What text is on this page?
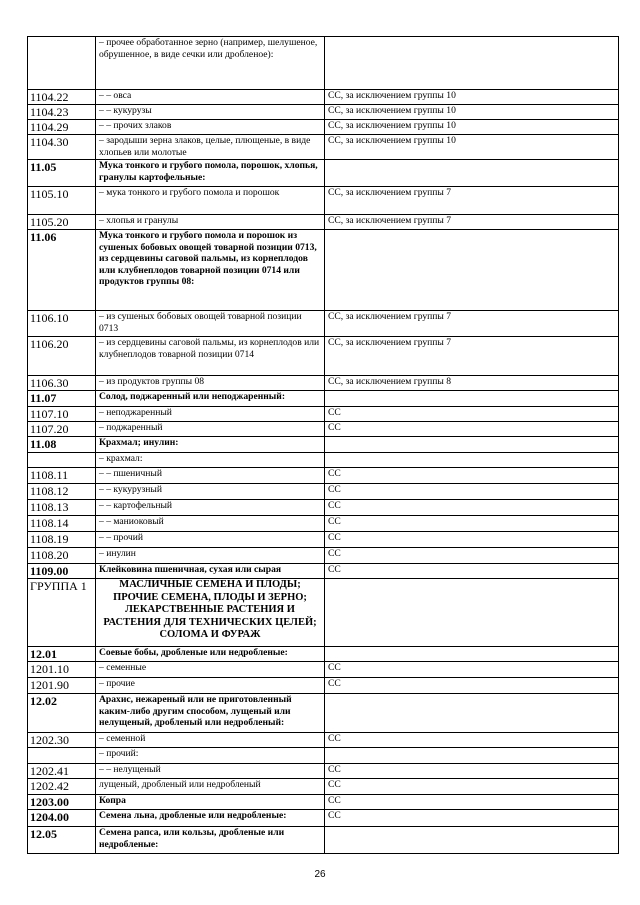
	– прочее обработанное зерно (например, шелушеное, обрушенное, в виде сечки или дробленое):	
1104.22	– – овса	СС, за исключением группы 10
1104.23	– – кукурузы	СС, за исключением группы 10
1104.29	– – прочих злаков	СС, за исключением группы 10
1104.30	– зародыши зерна злаков, целые, плющеные, в виде хлопьев или молотые	СС, за исключением группы 10
11.05	Мука тонкого и грубого помола, порошок, хлопья, гранулы картофельные:	
1105.10	– мука тонкого и грубого помола и порошок	СС, за исключением группы 7
1105.20	– хлопья и гранулы	СС, за исключением группы 7
11.06	Мука тонкого и грубого помола и порошок из сушеных бобовых овощей товарной позиции 0713, из сердцевины саговой пальмы, из корнеплодов или клубнеплодов товарной позиции 0714 или продуктов группы 08:	
1106.10	– из сушеных бобовых овощей товарной позиции 0713	СС, за исключением группы 7
1106.20	– из сердцевины саговой пальмы, из корнеплодов или клубнеплодов товарной позиции 0714	СС, за исключением группы 7
1106.30	– из продуктов группы 08	СС, за исключением группы 8
11.07	Солод, поджаренный или неподжаренный:	
1107.10	– неподжаренный	СС
1107.20	– поджаренный	СС
11.08	Крахмал; инулин:	
	– крахмал:	
1108.11	– – пшеничный	СС
1108.12	– – кукурузный	СС
1108.13	– – картофельный	СС
1108.14	– – маниоковый	СС
1108.19	– – прочий	СС
1108.20	– инулин	СС
1109.00	Клейковина пшеничная, сухая или сырая	СС
ГРУППА 1	МАСЛИЧНЫЕ СЕМЕНА И ПЛОДЫ; ПРОЧИЕ СЕМЕНА, ПЛОДЫ И ЗЕРНО; ЛЕКАРСТВЕННЫЕ РАСТЕНИЯ И РАСТЕНИЯ ДЛЯ ТЕХНИЧЕСКИХ ЦЕЛЕЙ; СОЛОМА И ФУРАЖ	
12.01	Соевые бобы, дробленые или недробленые:	
1201.10	– семенные	СС
1201.90	– прочие	СС
12.02	Арахис, нежареный или не приготовленный каким-либо другим способом, лущеный или нелущеный, дробленый или недробленый:	
1202.30	– семенной	СС
	– прочий:	
1202.41	– – нелущеный	СС
1202.42	лущеный, дробленый или недробленый	СС
1203.00	Копра	СС
1204.00	Семена льна, дробленые или недробленые:	СС
12.05	Семена рапса, или кользы, дробленые или недробленые:	
26
